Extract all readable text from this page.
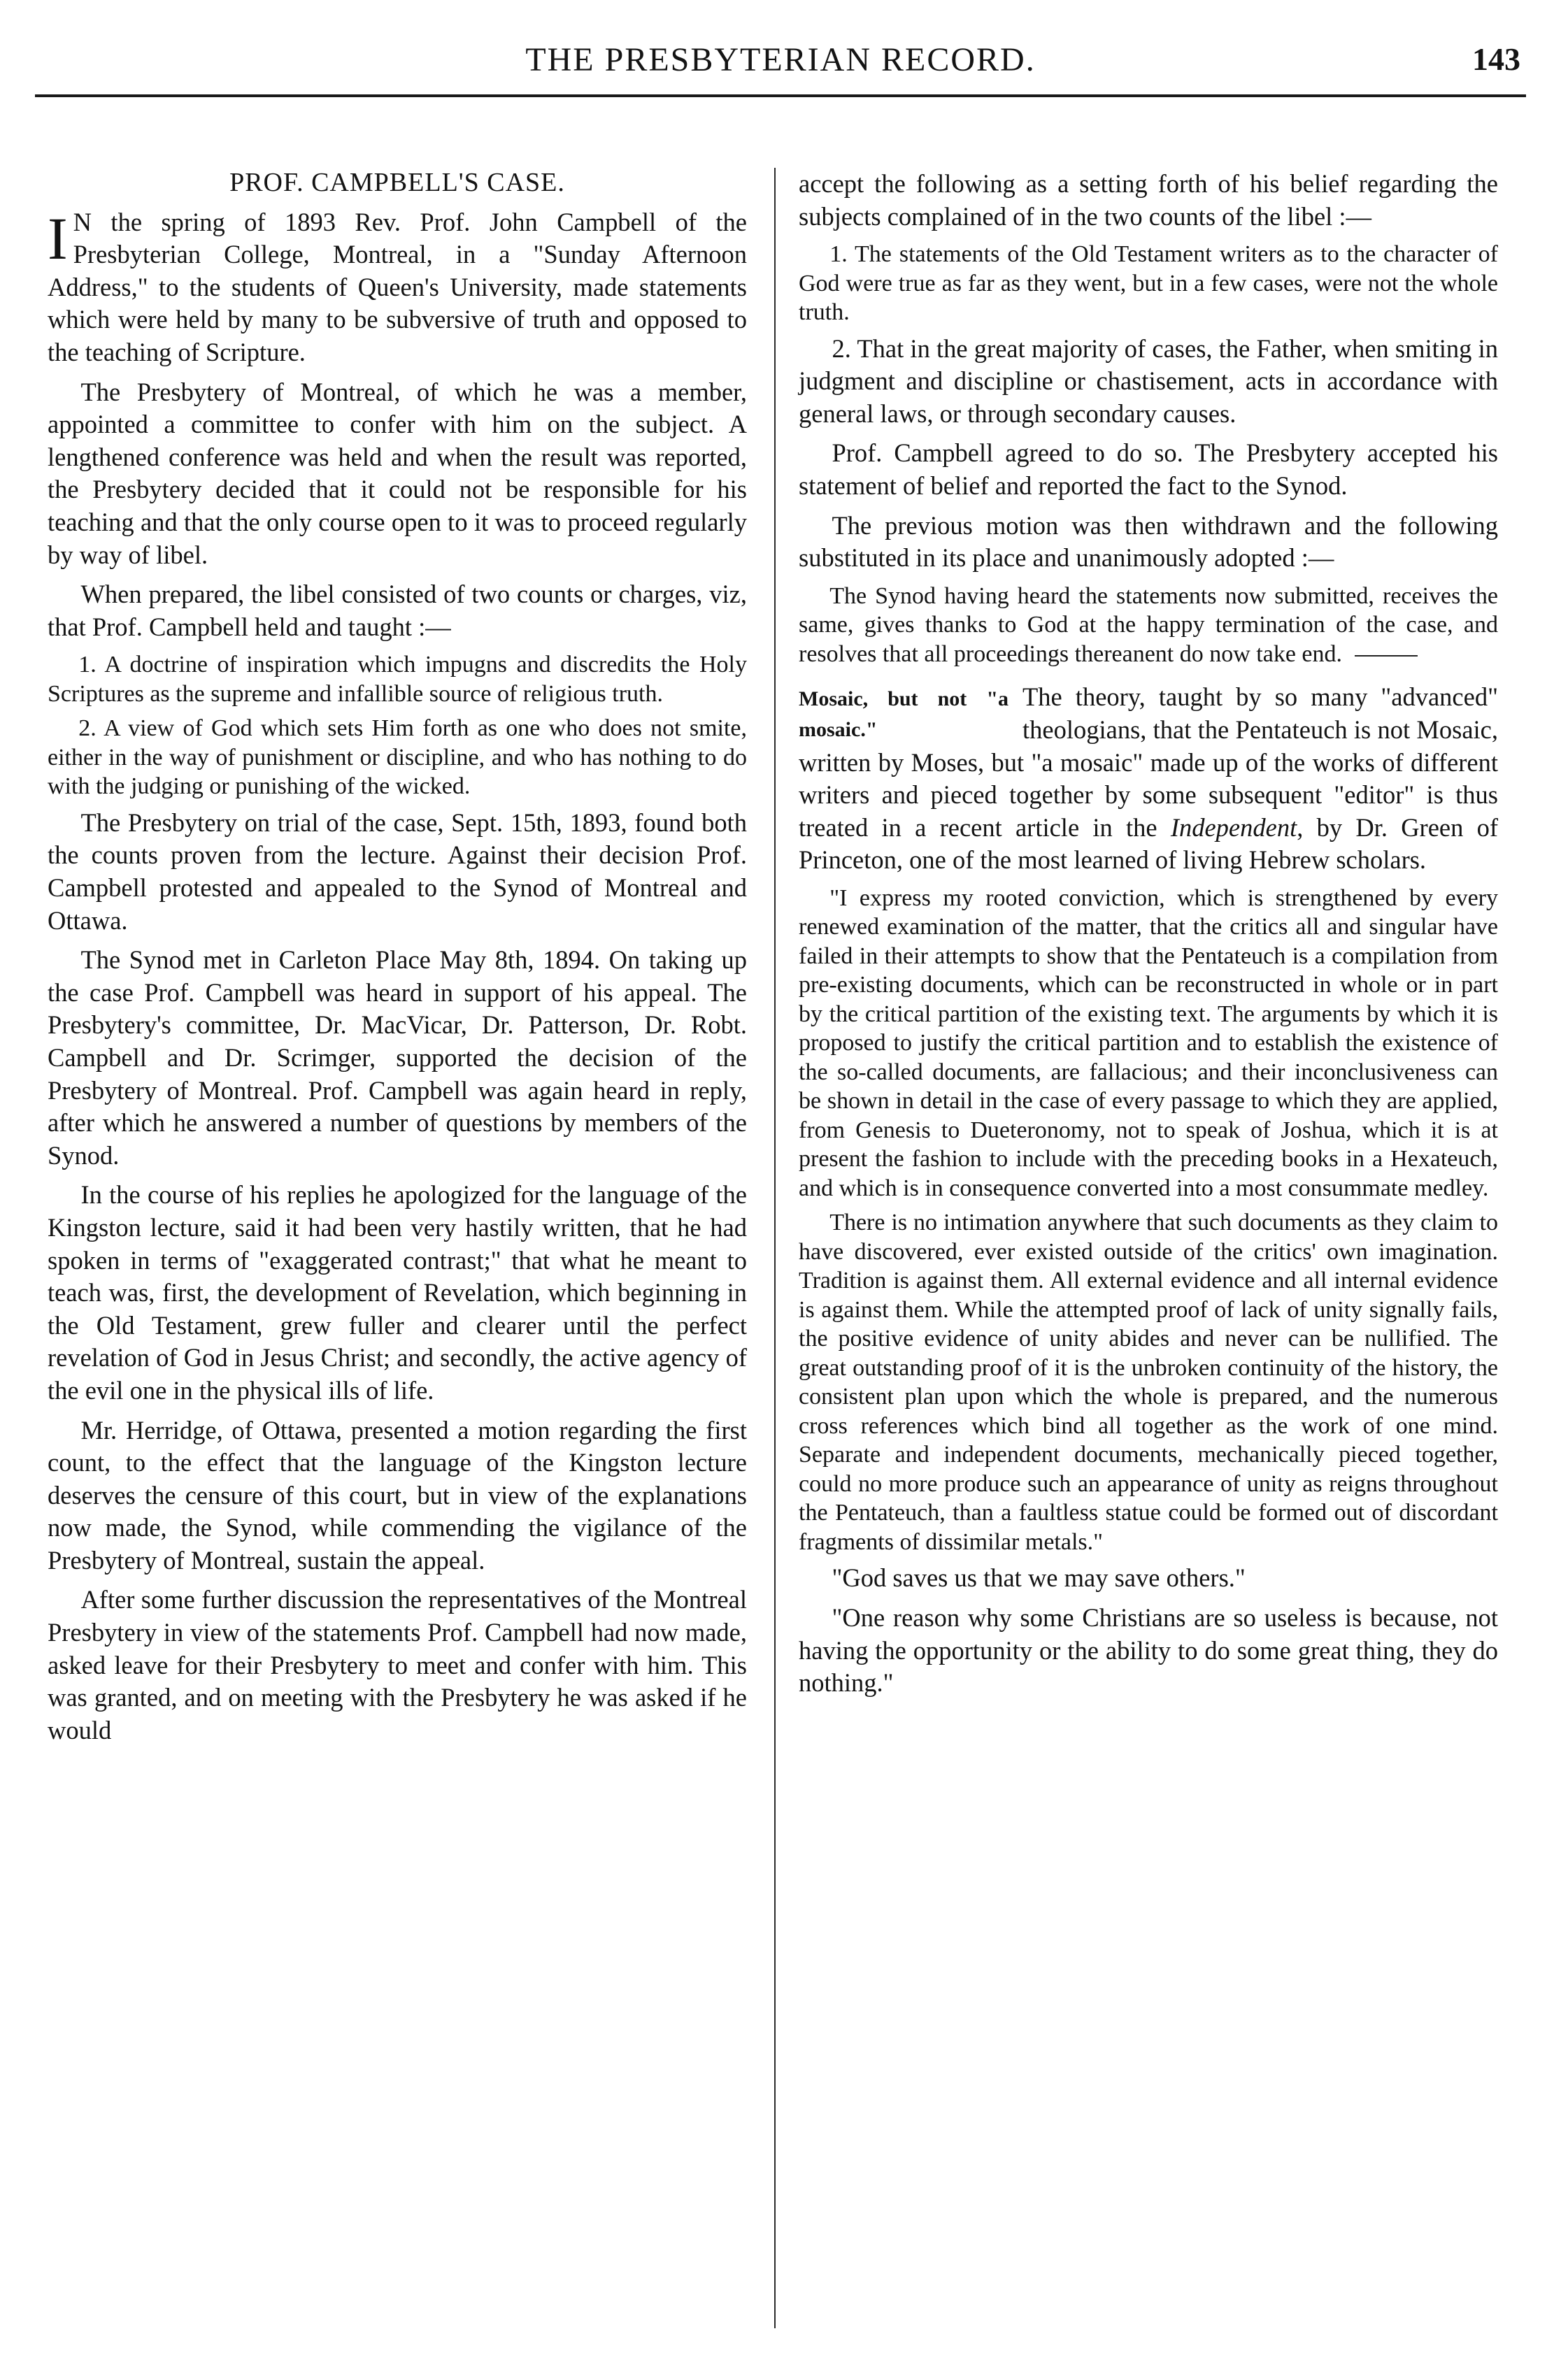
THE PRESBYTERIAN RECORD.	143
PROF. CAMPBELL'S CASE.

I N the spring of 1893 Rev. Prof. John Campbell of the Presbyterian College, Montreal, in a "Sunday Afternoon Address," to the students of Queen's University, made statements which were held by many to be subversive of truth and opposed to the teaching of Scripture.

The Presbytery of Montreal, of which he was a member, appointed a committee to confer with him on the subject. A lengthened conference was held and when the result was reported, the Presbytery decided that it could not be responsible for his teaching and that the only course open to it was to proceed regularly by way of libel.

When prepared, the libel consisted of two counts or charges, viz, that Prof. Campbell held and taught :—

1. A doctrine of inspiration which impugns and discredits the Holy Scriptures as the supreme and infallible source of religious truth.

2. A view of God which sets Him forth as one who does not smite, either in the way of punishment or discipline, and who has nothing to do with the judging or punishing of the wicked.

The Presbytery on trial of the case, Sept. 15th, 1893, found both the counts proven from the lecture. Against their decision Prof. Campbell protested and appealed to the Synod of Montreal and Ottawa.

The Synod met in Carleton Place May 8th, 1894. On taking up the case Prof. Campbell was heard in support of his appeal. The Presbytery's committee, Dr. MacVicar, Dr. Patterson, Dr. Robt. Campbell and Dr. Scrimger, supported the decision of the Presbytery of Montreal. Prof. Campbell was again heard in reply, after which he answered a number of questions by members of the Synod.

In the course of his replies he apologized for the language of the Kingston lecture, said it had been very hastily written, that he had spoken in terms of "exaggerated contrast;" that what he meant to teach was, first, the development of Revelation, which beginning in the Old Testament, grew fuller and clearer until the perfect revelation of God in Jesus Christ; and secondly, the active agency of the evil one in the physical ills of life.

Mr. Herridge, of Ottawa, presented a motion regarding the first count, to the effect that the language of the Kingston lecture deserves the censure of this court, but in view of the explanations now made, the Synod, while commending the vigilance of the Presbytery of Montreal, sustain the appeal.

After some further discussion the representatives of the Montreal Presbytery in view of the statements Prof. Campbell had now made, asked leave for their Presbytery to meet and confer with him. This was granted, and on meeting with the Presbytery he was asked if he would

accept the following as a setting forth of his belief regarding the subjects complained of in the two counts of the libel :—

1. The statements of the Old Testament writers as to the character of God were true as far as they went, but in a few cases, were not the whole truth.

2. That in the great majority of cases, the Father, when smiting in judgment and discipline or chastisement, acts in accordance with general laws, or through secondary causes.

Prof. Campbell agreed to do so. The Presbytery accepted his statement of belief and reported the fact to the Synod.

The previous motion was then withdrawn and the following substituted in its place and unanimously adopted :—

The Synod having heard the statements now submitted, receives the same, gives thanks to God at the happy termination of the case, and resolves that all proceedings thereanent do now take end.

Mosaic, but not "a mosaic."
The theory, taught by so many "advanced" theologians, that the Pentateuch is not Mosaic, written by Moses, but "a mosaic" made up of the works of different writers and pieced together by some subsequent "editor" is thus treated in a recent article in the Independent, by Dr. Green of Princeton, one of the most learned of living Hebrew scholars.

"I express my rooted conviction, which is strengthened by every renewed examination of the matter, that the critics all and singular have failed in their attempts to show that the Pentateuch is a compilation from pre-existing documents, which can be reconstructed in whole or in part by the critical partition of the existing text. The arguments by which it is proposed to justify the critical partition and to establish the existence of the so-called documents, are fallacious; and their inconclusiveness can be shown in detail in the case of every passage to which they are applied, from Genesis to Dueteronomy, not to speak of Joshua, which it is at present the fashion to include with the preceding books in a Hexateuch, and which is in consequence converted into a most consummate medley.

There is no intimation anywhere that such documents as they claim to have discovered, ever existed outside of the critics' own imagination. Tradition is against them. All external evidence and all internal evidence is against them. While the attempted proof of lack of unity signally fails, the positive evidence of unity abides and never can be nullified. The great outstanding proof of it is the unbroken continuity of the history, the consistent plan upon which the whole is prepared, and the numerous cross references which bind all together as the work of one mind. Separate and independent documents, mechanically pieced together, could no more produce such an appearance of unity as reigns throughout the Pentateuch, than a faultless statue could be formed out of discordant fragments of dissimilar metals."

"God saves us that we may save others."

"One reason why some Christians are so useless is because, not having the opportunity or the ability to do some great thing, they do nothing."
